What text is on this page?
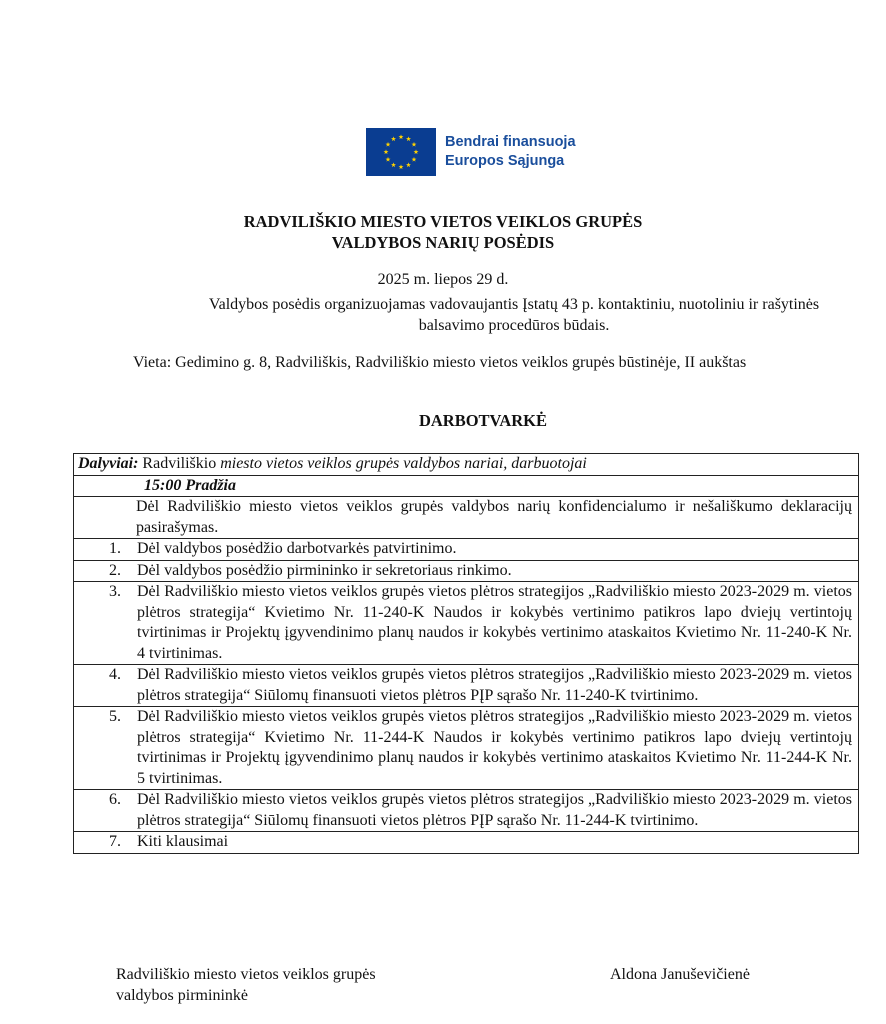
Bendrai finansuoja
Europos Sąjunga
RADVILIŠKIO MIESTO VIETOS VEIKLOS GRUPĖS
VALDYBOS NARIŲ POSĖDIS
2025 m. liepos 29 d.
Valdybos posėdis organizuojamas vadovaujantis Įstatų 43 p. kontaktiniu, nuotoliniu ir rašytinės balsavimo procedūros būdais.
Vieta: Gedimino g. 8, Radviliškis, Radviliškio miesto vietos veiklos grupės būstinėje, II aukštas
DARBOTVARKĖ
Dalyviai: Radviliškio miesto vietos veiklos grupės valdybos nariai, darbuotojai
15:00 Pradžia
Dėl Radviliškio miesto vietos veiklos grupės valdybos narių konfidencialumo ir nešališkumo deklaracijų pasirašymas.

1.	Dėl valdybos posėdžio darbotvarkės patvirtinimo.

2.	Dėl valdybos posėdžio pirmininko ir sekretoriaus rinkimo.

3.	Dėl Radviliškio miesto vietos veiklos grupės vietos plėtros strategijos „Radviliškio miesto 2023-2029 m. vietos plėtros strategija“ Kvietimo Nr. 11-240-K Naudos ir kokybės vertinimo patikros lapo dviejų vertintojų tvirtinimas ir Projektų įgyvendinimo planų naudos ir kokybės vertinimo ataskaitos Kvietimo Nr. 11-240-K Nr. 4 tvirtinimas.

4.	Dėl Radviliškio miesto vietos veiklos grupės vietos plėtros strategijos „Radviliškio miesto 2023-2029 m. vietos plėtros strategija“ Siūlomų finansuoti vietos plėtros PĮP sąrašo Nr. 11-240-K tvirtinimo.

5.	Dėl Radviliškio miesto vietos veiklos grupės vietos plėtros strategijos „Radviliškio miesto 2023-2029 m. vietos plėtros strategija“ Kvietimo Nr. 11-244-K Naudos ir kokybės vertinimo patikros lapo dviejų vertintojų tvirtinimas ir Projektų įgyvendinimo planų naudos ir kokybės vertinimo ataskaitos Kvietimo Nr. 11-244-K Nr. 5 tvirtinimas.

6.	Dėl Radviliškio miesto vietos veiklos grupės vietos plėtros strategijos „Radviliškio miesto 2023-2029 m. vietos plėtros strategija“ Siūlomų finansuoti vietos plėtros PĮP sąrašo Nr. 11-244-K tvirtinimo.

7.	Kiti klausimai
Radviliškio miesto vietos veiklos grupės
valdybos pirmininkė
Aldona Januševičienė
